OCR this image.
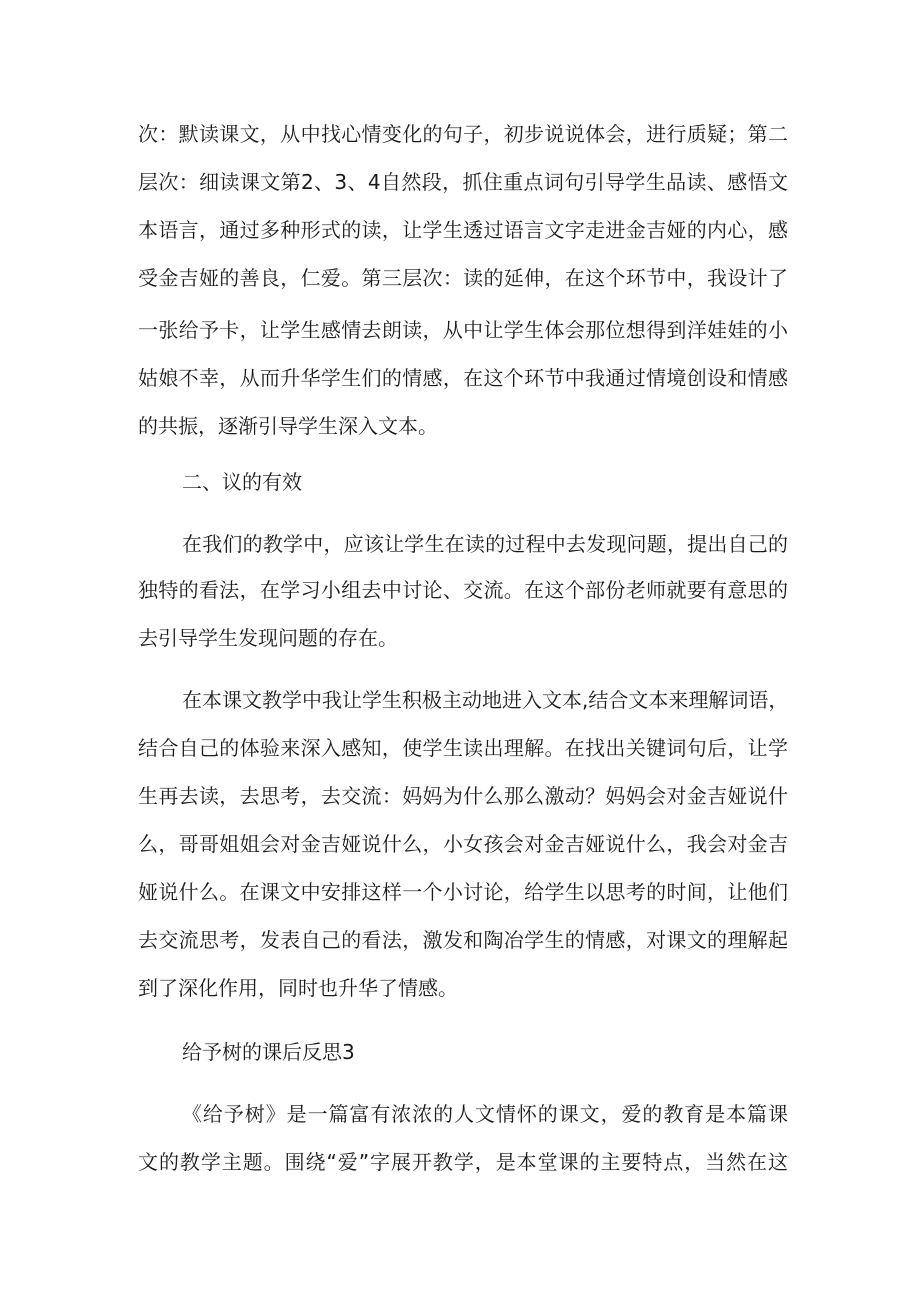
次：默读课文，从中找心情变化的句子，初步说说体会，进行质疑；第二
层次：细读课文第2、3、4自然段，抓住重点词句引导学生品读、感悟文
本语言，通过多种形式的读，让学生透过语言文字走进金吉娅的内心，感
受金吉娅的善良，仁爱。第三层次：读的延伸，在这个环节中，我设计了
一张给予卡，让学生感情去朗读，从中让学生体会那位想得到洋娃娃的小
姑娘不幸，从而升华学生们的情感，在这个环节中我通过情境创设和情感
的共振，逐渐引导学生深入文本。
二、议的有效
在我们的教学中，应该让学生在读的过程中去发现问题，提出自己的
独特的看法，在学习小组去中讨论、交流。在这个部份老师就要有意思的
去引导学生发现问题的存在。
在本课文教学中我让学生积极主动地进入文本,结合文本来理解词语，
结合自己的体验来深入感知，使学生读出理解。在找出关键词句后，让学
生再去读，去思考，去交流：妈妈为什么那么激动？妈妈会对金吉娅说什
么，哥哥姐姐会对金吉娅说什么，小女孩会对金吉娅说什么，我会对金吉
娅说什么。在课文中安排这样一个小讨论，给学生以思考的时间，让他们
去交流思考，发表自己的看法，激发和陶冶学生的情感，对课文的理解起
到了深化作用，同时也升华了情感。
给予树的课后反思3
《给予树》是一篇富有浓浓的人文情怀的课文，爱的教育是本篇课
文的教学主题。围绕“爱”字展开教学，是本堂课的主要特点，当然在这
